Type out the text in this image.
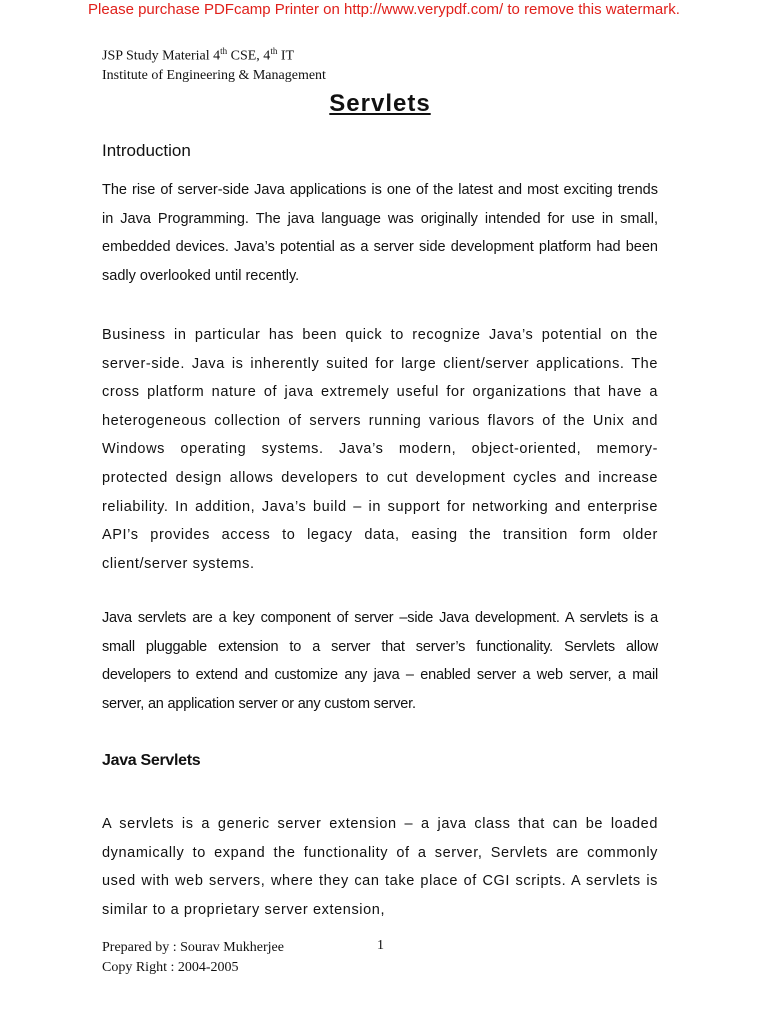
Please purchase PDFcamp Printer on http://www.verypdf.com/ to remove this watermark.
JSP Study Material 4th CSE, 4th IT
Institute of Engineering & Management
Servlets
Introduction
The rise of server-side Java applications is one of the latest and most exciting trends in Java Programming. The java language was originally intended for use in small, embedded devices. Java’s potential as a server side development platform had been sadly overlooked until recently.
Business in particular has been quick to recognize Java’s potential on the server-side. Java is inherently suited for large client/server applications. The cross platform nature of java extremely useful for organizations that have a heterogeneous collection of servers running various flavors of the Unix and Windows operating systems. Java’s modern, object-oriented, memory-protected design allows developers to cut development cycles and increase reliability. In addition, Java’s build – in support for networking and enterprise API’s provides access to legacy data, easing the transition form older client/server systems.
Java servlets are a key component of server –side Java development. A servlets is a small pluggable extension to a server that server’s functionality. Servlets allow developers to extend and customize any java – enabled server a web server, a mail server, an application server or any custom server.
Java Servlets
A servlets is a generic server extension – a java class that can be loaded dynamically to expand the functionality of a server, Servlets are commonly used with web servers, where they can take place of CGI scripts. A servlets is similar to a proprietary server extension,
Prepared by : Sourav Mukherjee
Copy Right : 2004-2005
1
